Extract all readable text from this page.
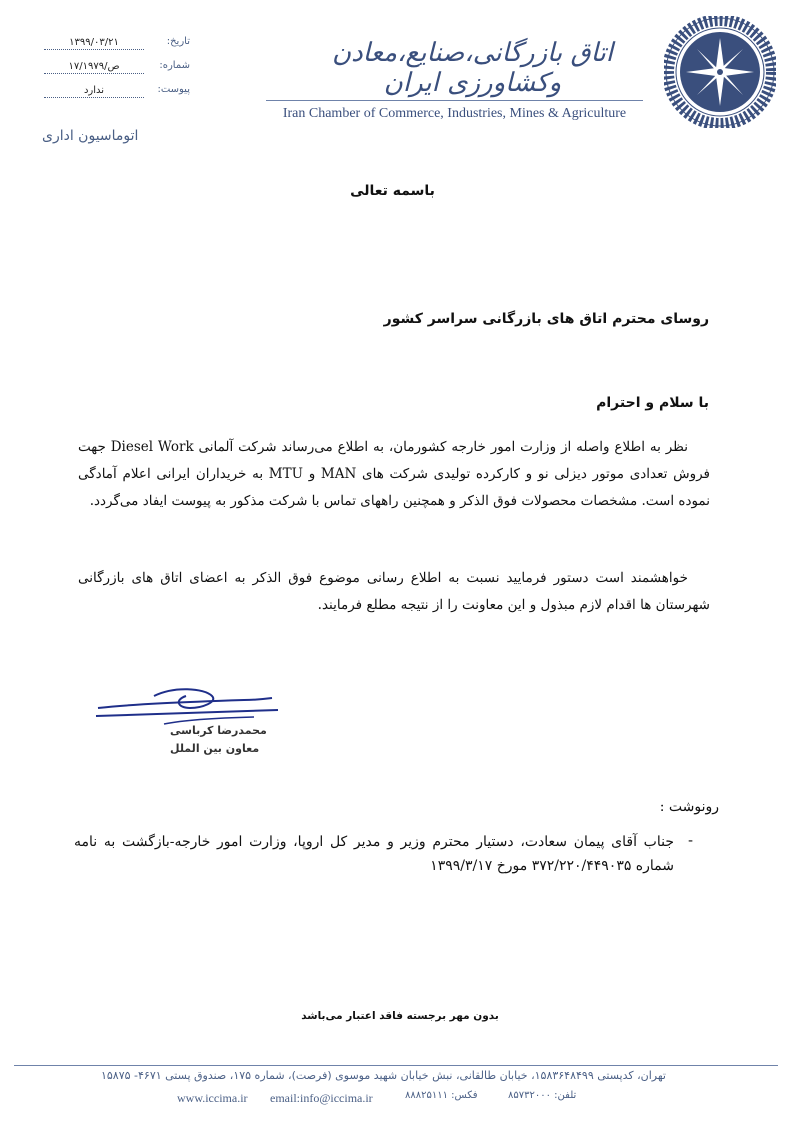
تاریخ:
۱۳۹۹/۰۳/۲۱
شماره:
۱۷/۱۹۷۹/ص
پیوست:
ندارد
اتاق بازرگانی،صنایع،معادن وکشاورزی ایران
Iran Chamber of Commerce, Industries, Mines & Agriculture
اتوماسیون اداری
باسمه تعالی
روسای محترم اتاق های بازرگانی سراسر کشور
با سلام و احترام
نظر به اطلاع واصله از وزارت امور خارجه کشورمان، به اطلاع می‌رساند شرکت آلمانی Diesel Work جهت فروش تعدادی موتور دیزلی نو و کارکرده تولیدی شرکت های MAN و MTU به خریداران ایرانی اعلام آمادگی نموده است. مشخصات محصولات فوق الذکر و همچنین راههای تماس با شرکت مذکور به پیوست ایفاد می‌گردد.
خواهشمند است دستور فرمایید نسبت به اطلاع رسانی موضوع فوق الذکر به اعضای اتاق های بازرگانی شهرستان ها اقدام لازم مبذول و این معاونت را از نتیجه مطلع فرمایند.
محمدرضا کرباسی
معاون بین الملل
رونوشت :
-
جناب آقای پیمان سعادت، دستیار محترم وزیر و مدیر کل اروپا، وزارت امور خارجه-بازگشت به نامه شماره ۳۷۲/۲۲۰/۴۴۹۰۳۵ مورخ ۱۳۹۹/۳/۱۷
بدون مهر برجسته فاقد اعتبار می‌باشد
تهران، کدپستی ۱۵۸۳۶۴۸۴۹۹، خیابان طالقانی، نبش خیابان شهید موسوی (فرصت)، شماره ۱۷۵، صندوق پستی ۴۶۷۱- ۱۵۸۷۵
www.iccima.ir email:info@iccima.ir	فکس: ۸۸۸۲۵۱۱۱	تلفن: ۸۵۷۳۲۰۰۰
